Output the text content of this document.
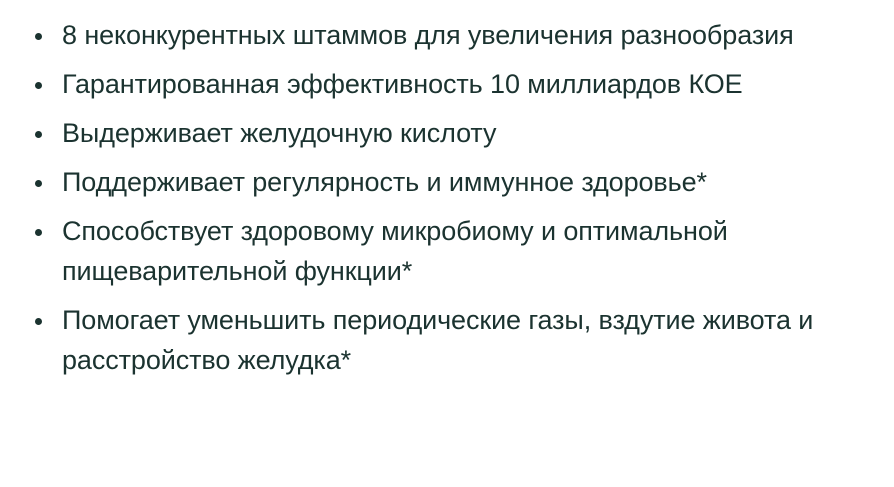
8 неконкурентных штаммов для увеличения разнообразия
Гарантированная эффективность 10 миллиардов КОЕ
Выдерживает желудочную кислоту
Поддерживает регулярность и иммунное здоровье*
Способствует здоровому микробиому и оптимальной пищеварительной функции*
Помогает уменьшить периодические газы, вздутие живота и расстройство желудка*
